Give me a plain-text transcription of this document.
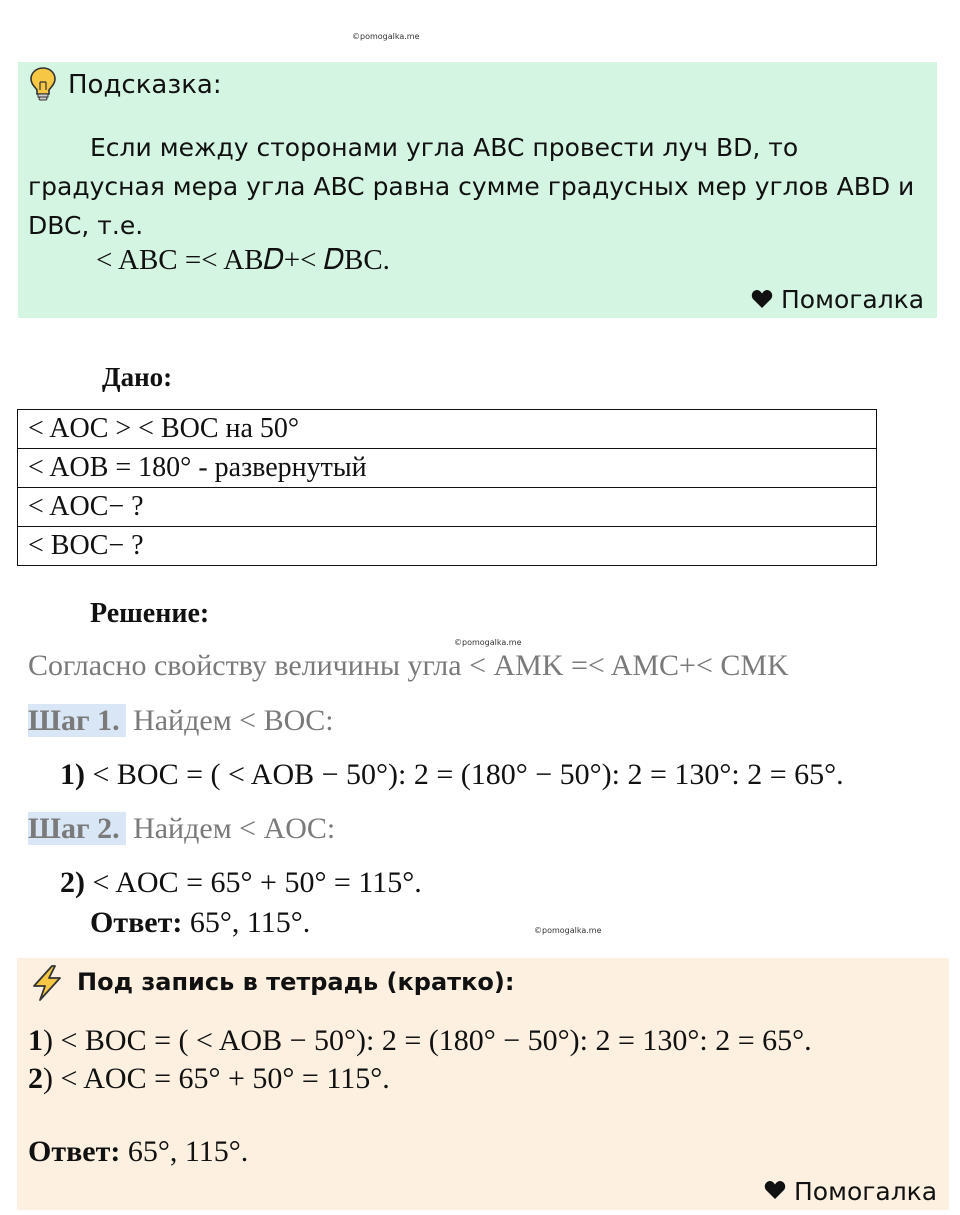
©pomogalka.me
Подсказка:
Если между сторонами угла ABC провести луч BD, то
градусная мера угла ABC равна сумме градусных мер углов ABD и
DBC, т.е.
< ABC =< AB𝐷+< 𝐷BC.
Помогалка
Дано:
< AOC > < BOC на 50°
< AOB = 180° - развернутый
< AOC− ?
< BOC− ?
Решение:
©pomogalka.me
Согласно свойству величины угла < AMK =< AMC+< CMK
Шаг 1. Найдем < BOC:
1) < BOC = ( < AOB − 50°): 2 = (180° − 50°): 2 = 130°: 2 = 65°.
Шаг 2. Найдем < AOC:
2) < AOC = 65° + 50° = 115°.
Ответ: 65°, 115°.	©pomogalka.me
Под запись в тетрадь (кратко):
1) < BOC = ( < AOB − 50°): 2 = (180° − 50°): 2 = 130°: 2 = 65°.
2) < AOC = 65° + 50° = 115°.
Ответ: 65°, 115°.
Помогалка
